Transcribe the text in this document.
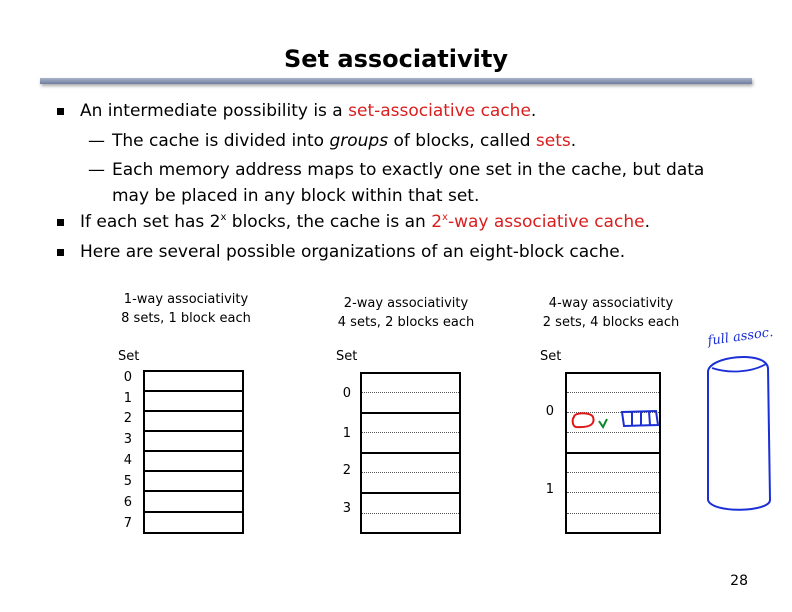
Set associativity
An intermediate possibility is a set-associative cache.
— The cache is divided into groups of blocks, called sets.
— Each memory address maps to exactly one set in the cache, but data
may be placed in any block within that set.
If each set has 2$^x$ blocks, the cache is an 2$^x$-way associative cache.
Here are several possible organizations of an eight-block cache.
1-way associativity
8 sets, 1 block each
Set
0
1
2
3
4
5
6
7
2-way associativity
4 sets, 2 blocks each
Set
0
1
2
3
4-way associativity
2 sets, 4 blocks each
Set
0
1
full assoc.
28
